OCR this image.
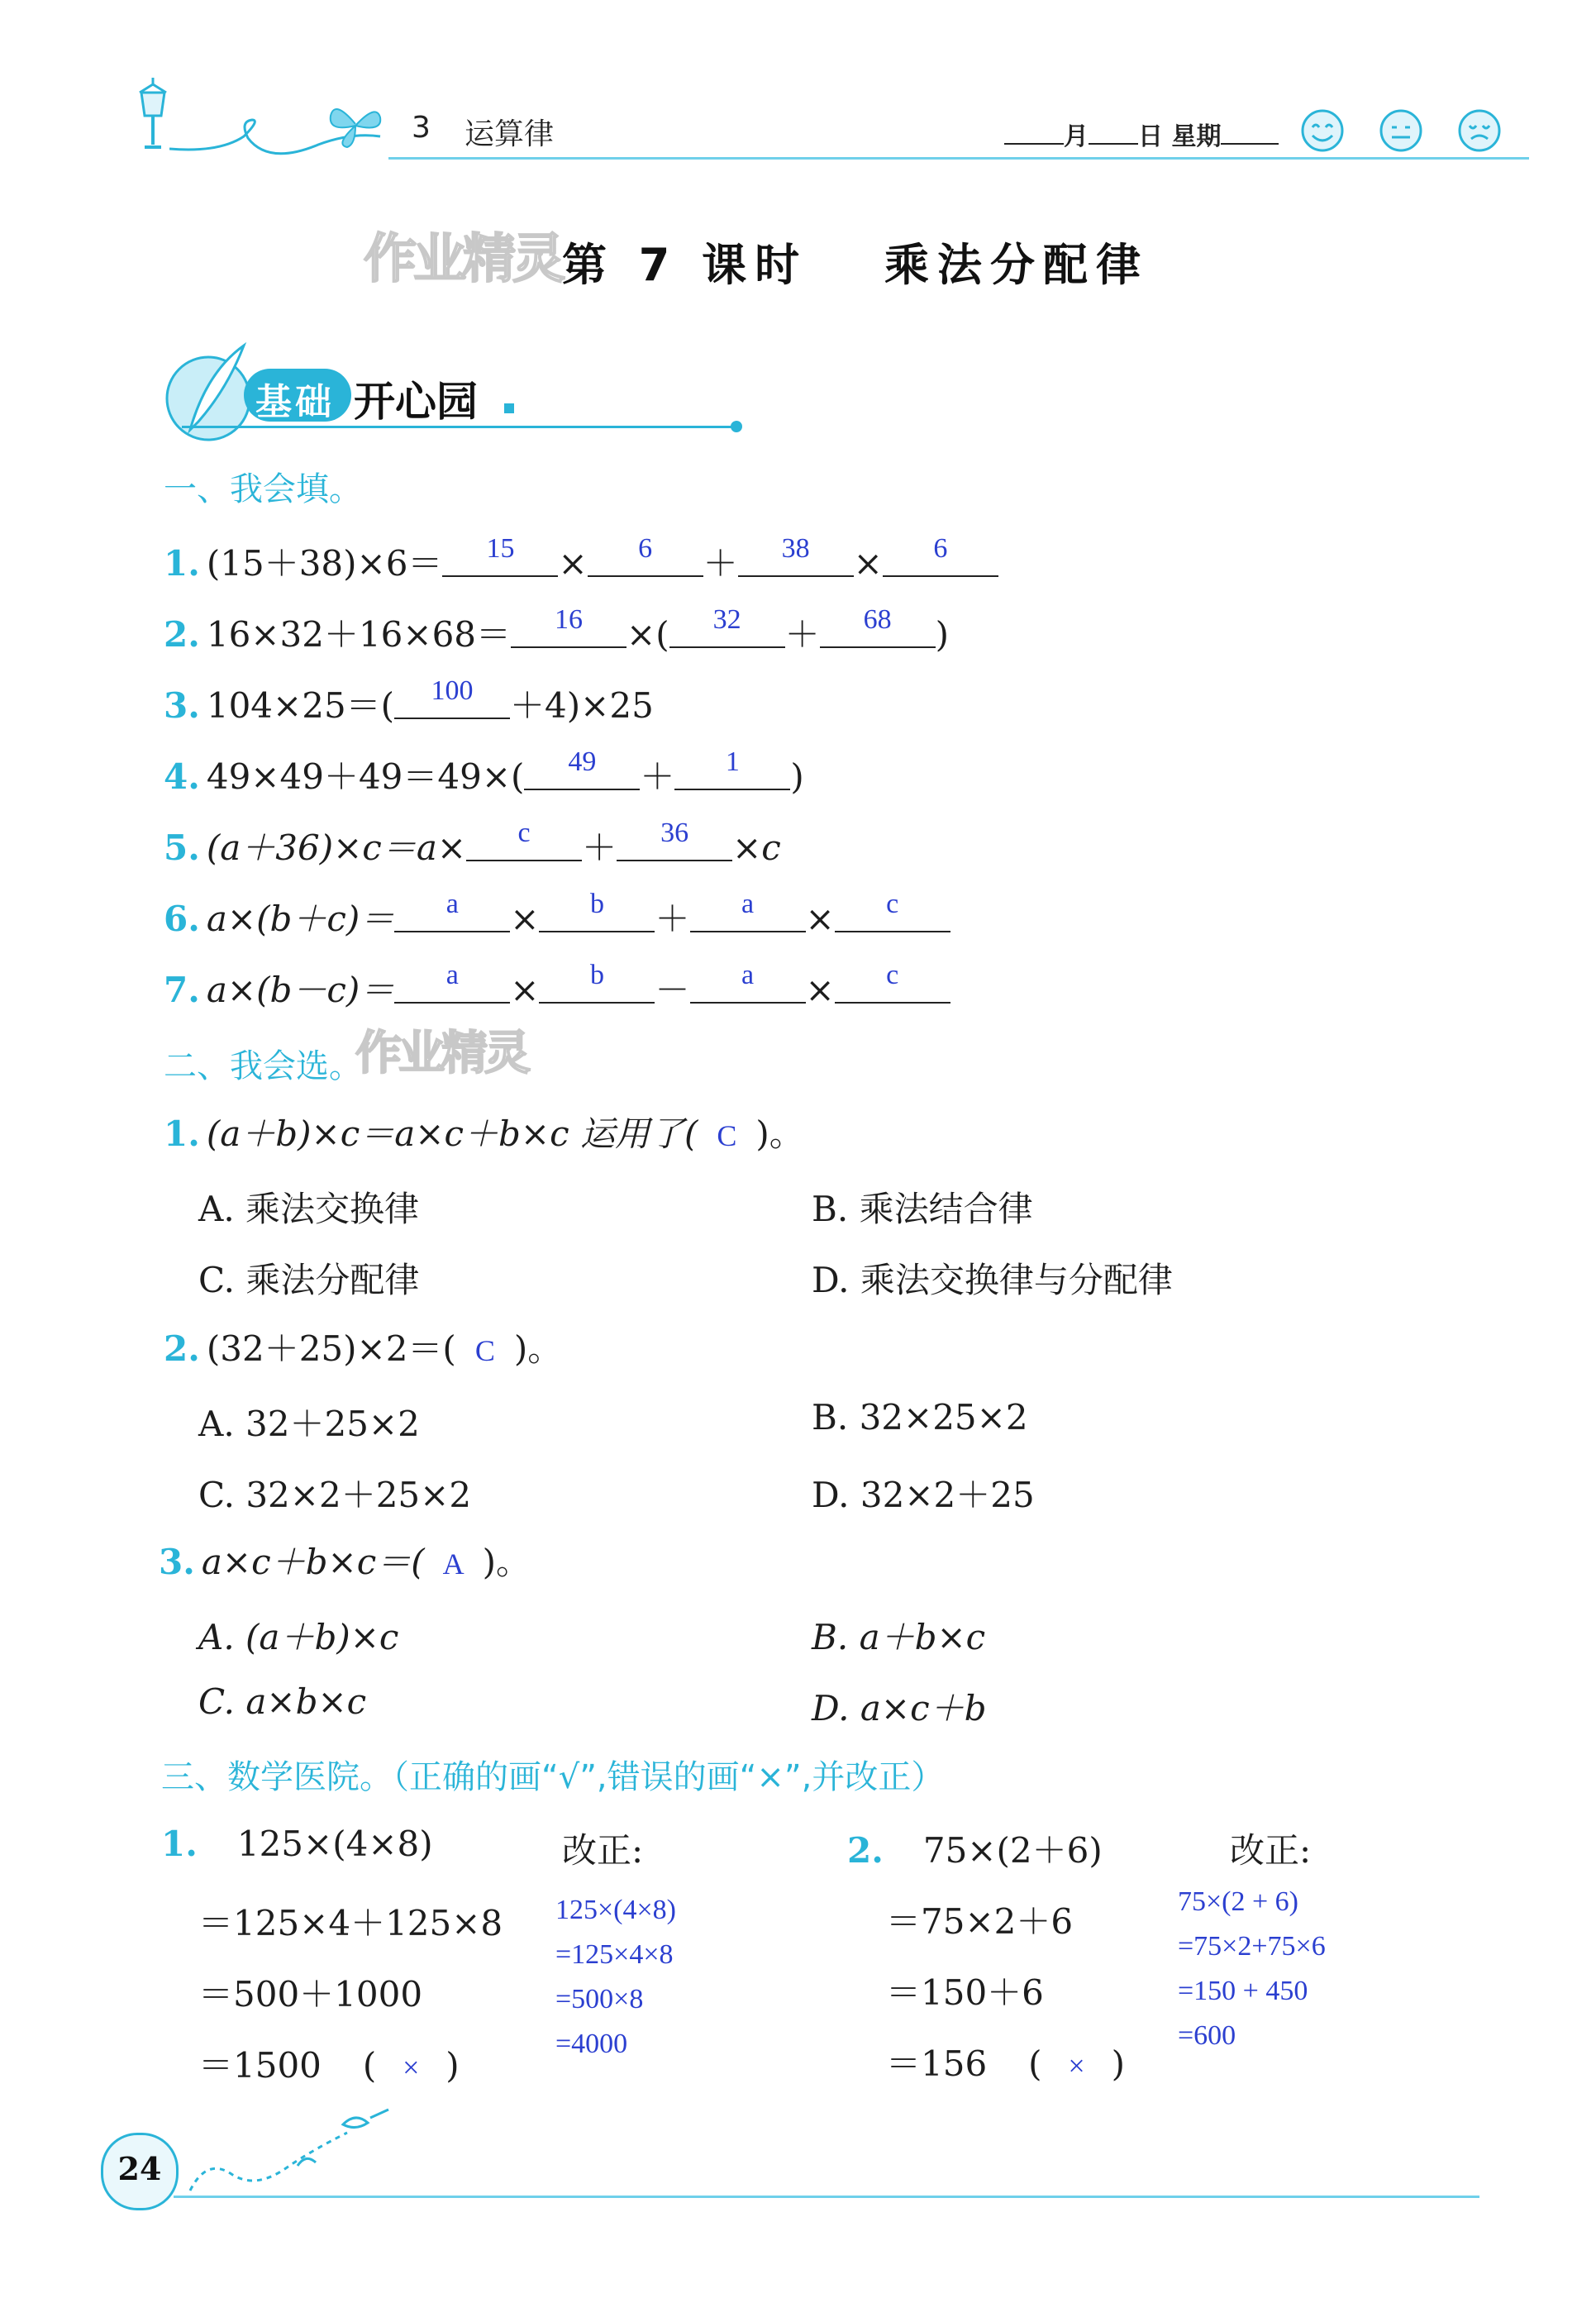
3 运算律	月 日 星期
作业精灵 第 7 课时　 乘法分配律
基础 开心园
一、我会填。
1. (15＋38)×6＝ $^{15}$ × $^6$ ＋ $^{38}$ × $^6$
2. 16×32＋16×68＝ $^{16}$ ×( $^{32}$ ＋ $^{68}$ )
3. 104×25＝( $^{100}$ ＋4)×25
4. 49×49＋49＝49×( $^{49}$ ＋ $^1$ )
5. (a＋36)×c＝a× $^c$ ＋ $^{36}$ ×c
6. a×(b＋c)＝ $^a$ × $^b$ ＋ $^a$ × $^c$
7. a×(b－c)＝ $^a$ × $^b$ － $^a$ × $^c$
二、我会选。
作业精灵
1. (a＋b)×c＝a×c＋b×c 运用了( C )。
A. 乘法交换律	B. 乘法结合律
C. 乘法分配律	D. 乘法交换律与分配律
2. (32＋25)×2＝( C )。
A. 32＋25×2	B. 32×25×2
C. 32×2＋25×2	D. 32×2＋25
3. a×c＋b×c＝( A )。
A. (a＋b)×c	B. a＋b×c
C. a×b×c	D. a×c＋b
三、数学医院。（正确的画“√”,错误的画“×”,并改正）
1. 125×(4×8)
＝125×4＋125×8
＝500＋1000
＝1500 ( × )
改正:
125×(4×8)
=125×4×8
=500×8
=4000
2. 75×(2＋6)
＝75×2＋6
＝150＋6
＝156 ( × )
改正:
75×(2 + 6)
=75×2+75×6
=150 + 450
=600
24
